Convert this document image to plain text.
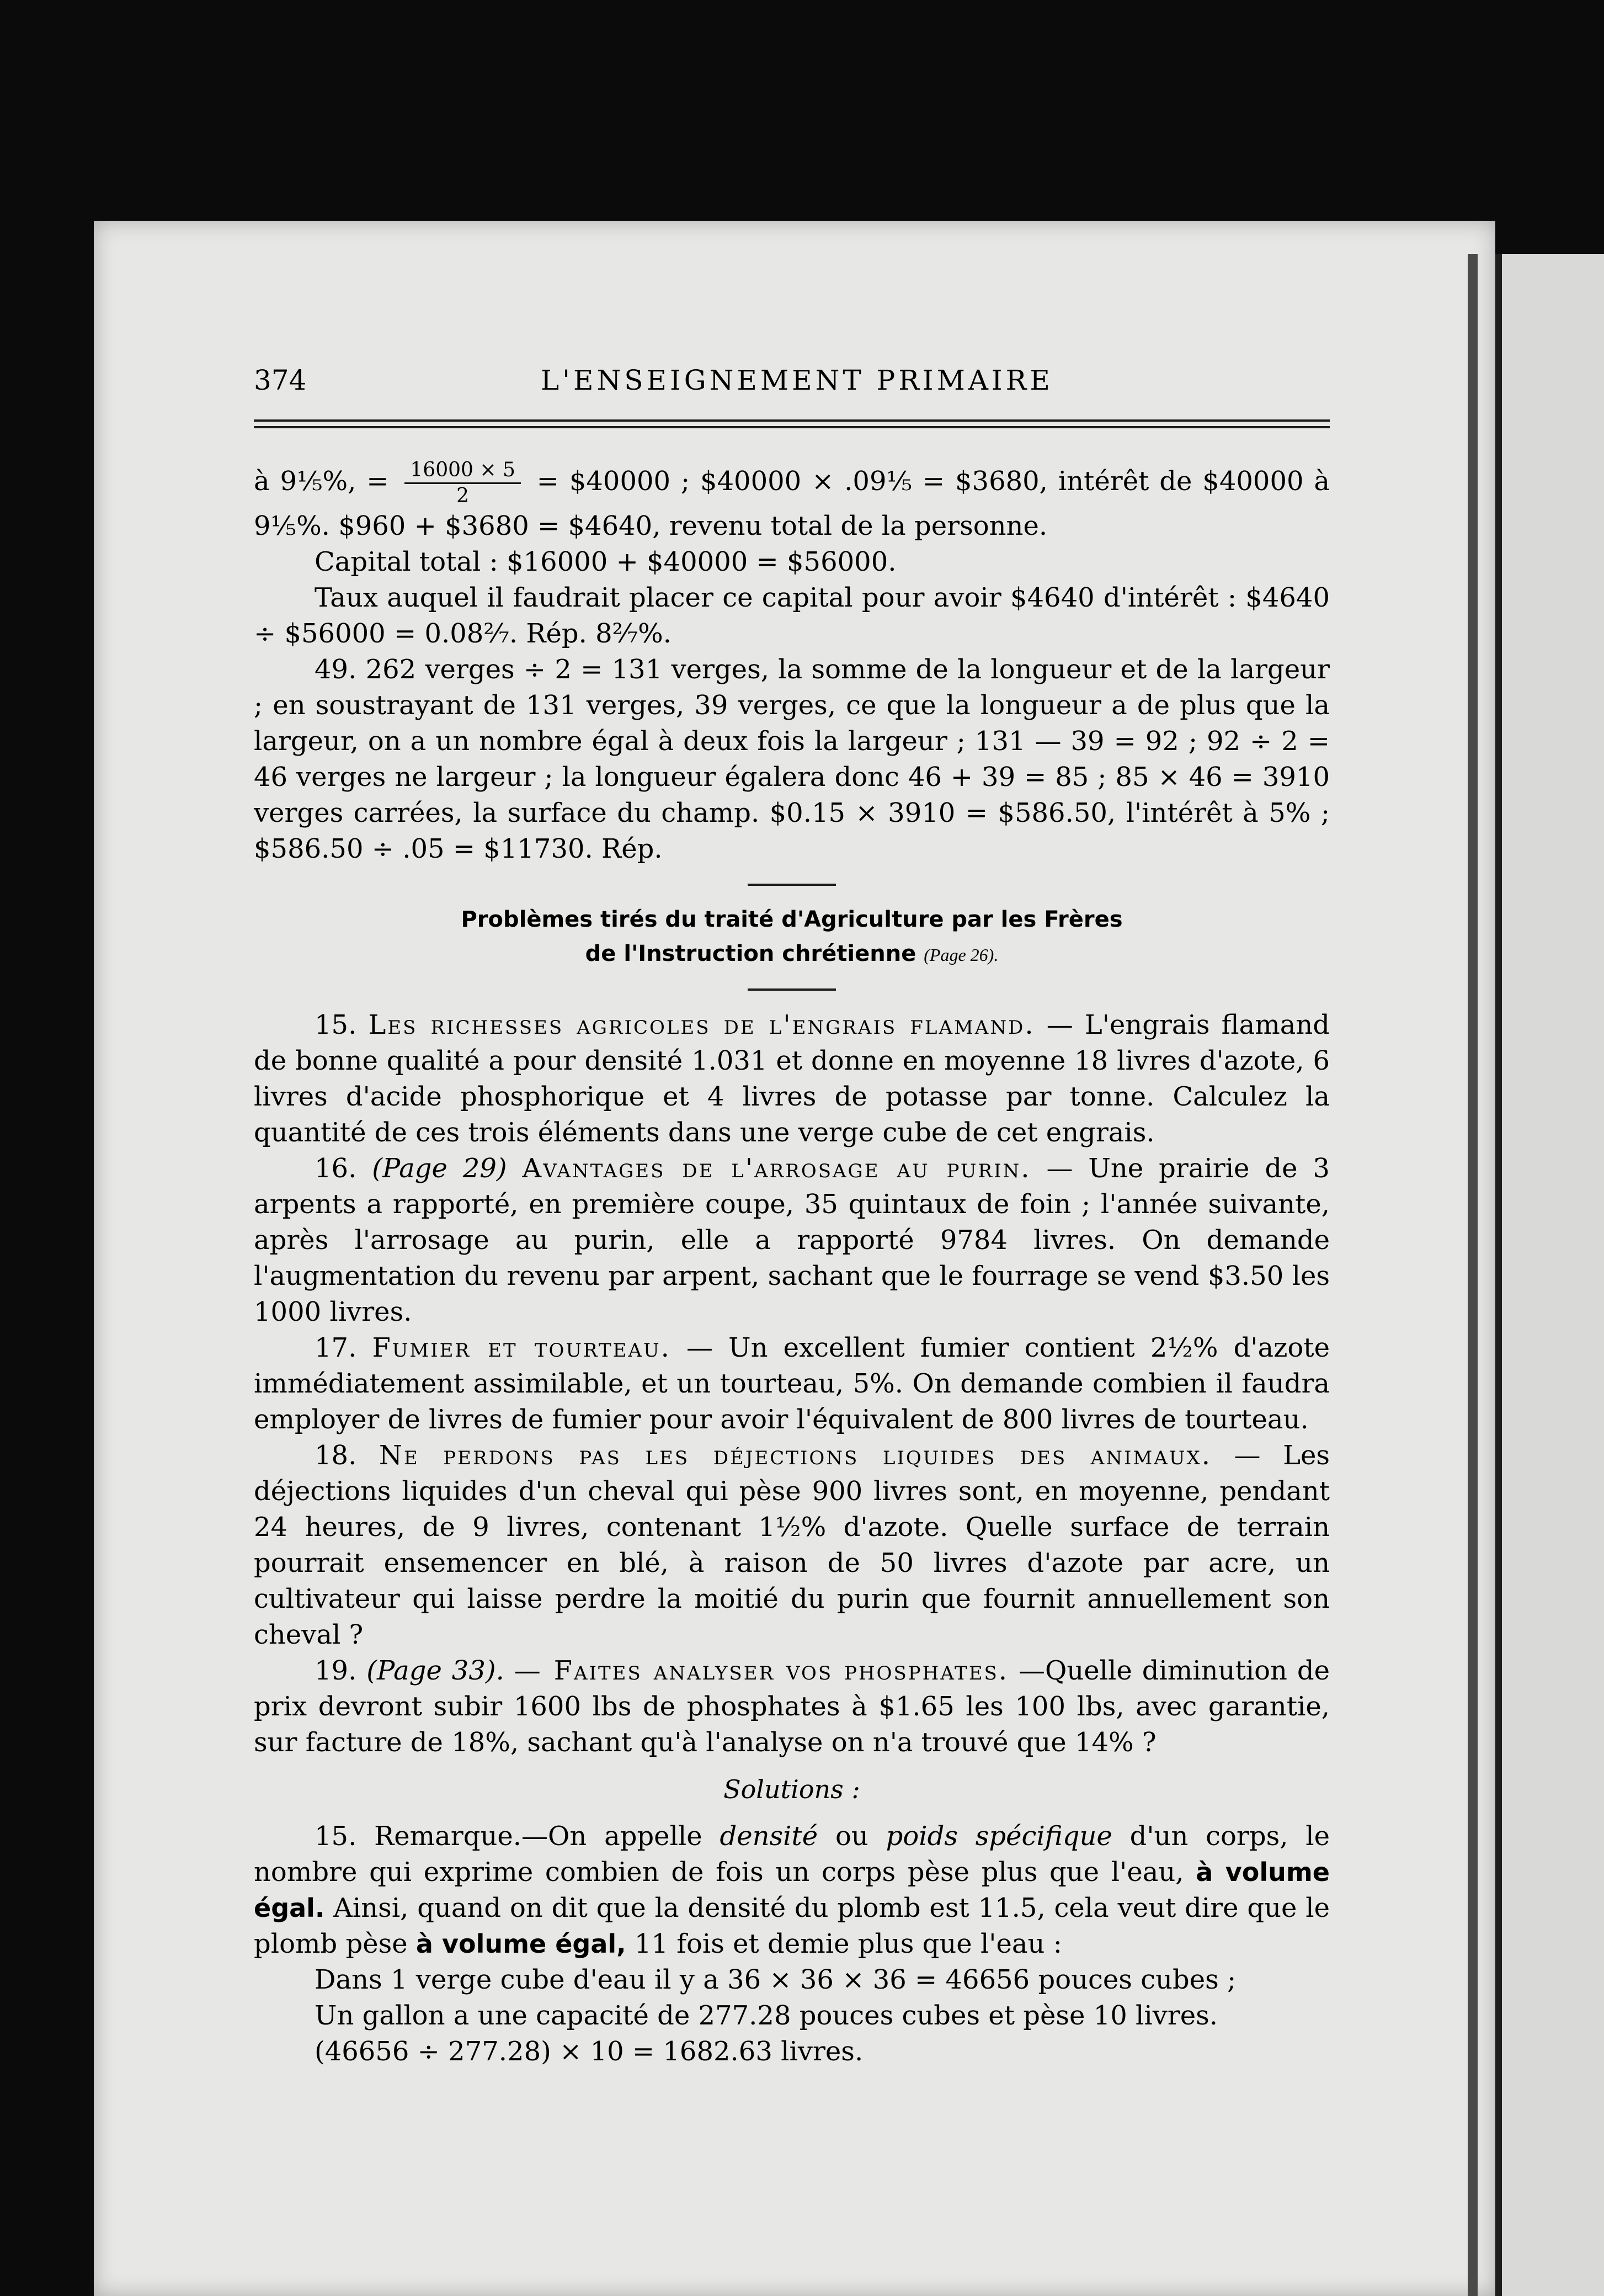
374	L'ENSEIGNEMENT PRIMAIRE

à 9⅕%, = $\frac{16000 \times 5}{2}$ = $40000 ; $40000 × .09⅕ = $3680, intérêt de $40000 à 9⅕%. $960 + $3680 = $4640, revenu total de la personne.

Capital total : $16000 + $40000 = $56000.

Taux auquel il faudrait placer ce capital pour avoir $4640 d'intérêt : $4640 ÷ $56000 = 0.08²⁄₇. Rép. 8²⁄₇%.

49. 262 verges ÷ 2 = 131 verges, la somme de la longueur et de la largeur ; en soustrayant de 131 verges, 39 verges, ce que la longueur a de plus que la largeur, on a un nombre égal à deux fois la largeur ; 131 — 39 = 92 ; 92 ÷ 2 = 46 verges ne largeur ; la longueur égalera donc 46 + 39 = 85 ; 85 × 46 = 3910 verges carrées, la surface du champ. $0.15 × 3910 = $586.50, l'intérêt à 5% ; $586.50 ÷ .05 = $11730. Rép.

Problèmes tirés du traité d'Agriculture par les Frères
de l'Instruction chrétienne (Page 26).

15. Les richesses agricoles de l'engrais flamand. — L'engrais flamand de bonne qualité a pour densité 1.031 et donne en moyenne 18 livres d'azote, 6 livres d'acide phosphorique et 4 livres de potasse par tonne. Calculez la quantité de ces trois éléments dans une verge cube de cet engrais.

16. (Page 29) Avantages de l'arrosage au purin. — Une prairie de 3 arpents a rapporté, en première coupe, 35 quintaux de foin ; l'année suivante, après l'arrosage au purin, elle a rapporté 9784 livres. On demande l'augmentation du revenu par arpent, sachant que le fourrage se vend $3.50 les 1000 livres.

17. Fumier et tourteau. — Un excellent fumier contient 2½% d'azote immédiatement assimilable, et un tourteau, 5%. On demande combien il faudra employer de livres de fumier pour avoir l'équivalent de 800 livres de tourteau.

18. Ne perdons pas les déjections liquides des animaux. — Les déjections liquides d'un cheval qui pèse 900 livres sont, en moyenne, pendant 24 heures, de 9 livres, contenant 1½% d'azote. Quelle surface de terrain pourrait ensemencer en blé, à raison de 50 livres d'azote par acre, un cultivateur qui laisse perdre la moitié du purin que fournit annuellement son cheval ?

19. (Page 33). — Faites analyser vos phosphates. —Quelle diminution de prix devront subir 1600 lbs de phosphates à $1.65 les 100 lbs, avec garantie, sur facture de 18%, sachant qu'à l'analyse on n'a trouvé que 14% ?

Solutions :

15. Remarque.—On appelle densité ou poids spécifique d'un corps, le nombre qui exprime combien de fois un corps pèse plus que l'eau, à volume égal. Ainsi, quand on dit que la densité du plomb est 11.5, cela veut dire que le plomb pèse à volume égal, 11 fois et demie plus que l'eau :

Dans 1 verge cube d'eau il y a 36 × 36 × 36 = 46656 pouces cubes ;

Un gallon a une capacité de 277.28 pouces cubes et pèse 10 livres.

(46656 ÷ 277.28) × 10 = 1682.63 livres.
